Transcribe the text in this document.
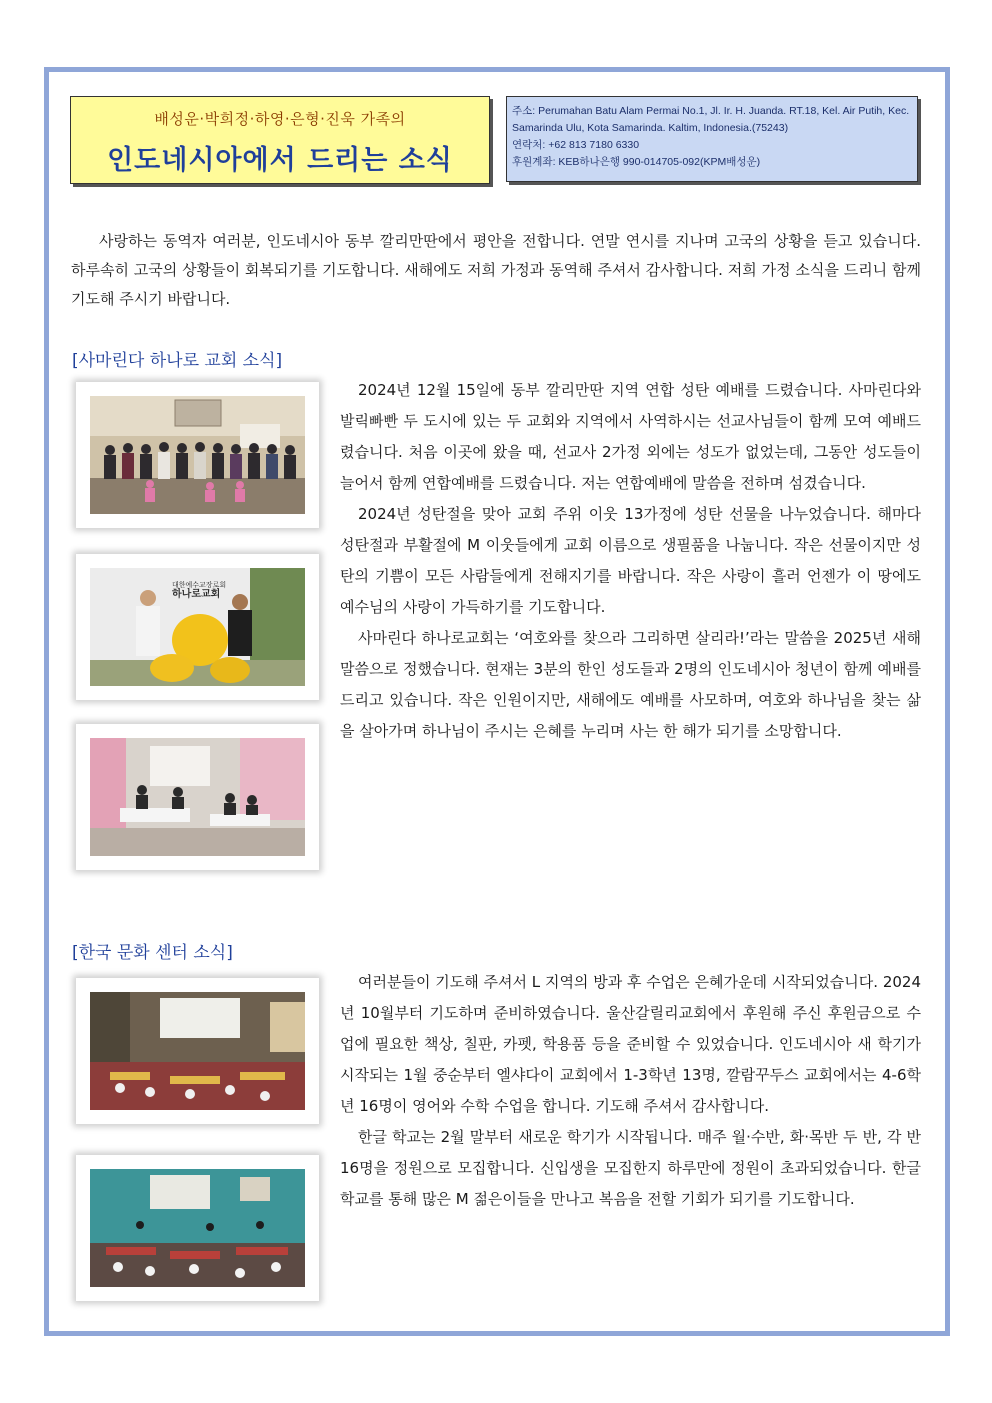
배성운·박희정·하영·은형·진욱 가족의
인도네시아에서 드리는 소식
주소: Perumahan Batu Alam Permai No.1, Jl. Ir. H. Juanda. RT.18, Kel. Air Putih, Kec. Samarinda Ulu, Kota Samarinda. Kaltim, Indonesia.(75243)
연락처: +62 813 7180 6330
후원계좌: KEB하나은행 990-014705-092(KPM배성운)
사랑하는 동역자 여러분, 인도네시아 동부 깔리만딴에서 평안을 전합니다. 연말 연시를 지나며 고국의 상황을 듣고 있습니다. 하루속히 고국의 상황들이 회복되기를 기도합니다. 새해에도 저희 가정과 동역해 주셔서 감사합니다. 저희 가정 소식을 드리니 함께 기도해 주시기 바랍니다.
[사마린다 하나로 교회 소식]
대한예수교장로회
하나로교회

2024년 12월 15일에 동부 깔리만딴 지역 연합 성탄 예배를 드렸습니다. 사마린다와 발릭빠빤 두 도시에 있는 두 교회와 지역에서 사역하시는 선교사님들이 함께 모여 예배드렸습니다. 처음 이곳에 왔을 때, 선교사 2가정 외에는 성도가 없었는데, 그동안 성도들이 늘어서 함께 연합예배를 드렸습니다. 저는 연합예배에 말씀을 전하며 섬겼습니다.

2024년 성탄절을 맞아 교회 주위 이웃 13가정에 성탄 선물을 나누었습니다. 해마다 성탄절과 부활절에 M 이웃들에게 교회 이름으로 생필품을 나눕니다. 작은 선물이지만 성탄의 기쁨이 모든 사람들에게 전해지기를 바랍니다. 작은 사랑이 흘러 언젠가 이 땅에도 예수님의 사랑이 가득하기를 기도합니다.

사마린다 하나로교회는 ‘여호와를 찾으라 그리하면 살리라!’라는 말씀을 2025년 새해 말씀으로 정했습니다. 현재는 3분의 한인 성도들과 2명의 인도네시아 청년이 함께 예배를 드리고 있습니다. 작은 인원이지만, 새해에도 예배를 사모하며, 여호와 하나님을 찾는 삶을 살아가며 하나님이 주시는 은혜를 누리며 사는 한 해가 되기를 소망합니다.

[한국 문화 센터 소식]

여러분들이 기도해 주셔서 L 지역의 방과 후 수업은 은혜가운데 시작되었습니다. 2024년 10월부터 기도하며 준비하였습니다. 울산갈릴리교회에서 후원해 주신 후원금으로 수업에 필요한 책상, 칠판, 카펫, 학용품 등을 준비할 수 있었습니다. 인도네시아 새 학기가 시작되는 1월 중순부터 엘샤다이 교회에서 1-3학년 13명, 깔람꾸두스 교회에서는 4-6학년 16명이 영어와 수학 수업을 합니다. 기도해 주셔서 감사합니다.

한글 학교는 2월 말부터 새로운 학기가 시작됩니다. 매주 월·수반, 화·목반 두 반, 각 반 16명을 정원으로 모집합니다. 신입생을 모집한지 하루만에 정원이 초과되었습니다. 한글 학교를 통해 많은 M 젊은이들을 만나고 복음을 전할 기회가 되기를 기도합니다.
